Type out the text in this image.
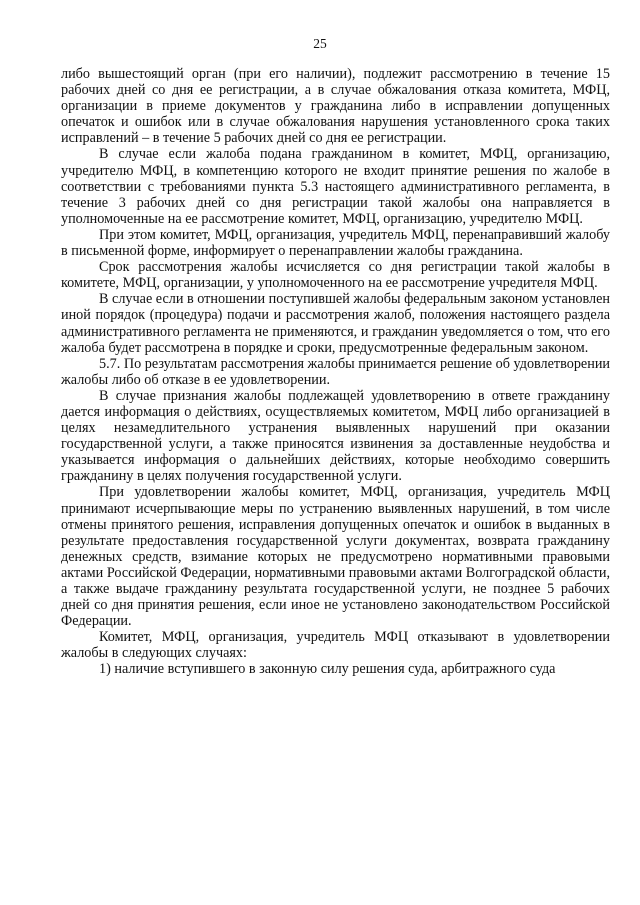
25

либо вышестоящий орган (при его наличии), подлежит рассмотрению в течение 15 рабочих дней со дня ее регистрации, а в случае обжалования отказа комитета, МФЦ, организации в приеме документов у гражданина либо в исправлении допущенных опечаток и ошибок или в случае обжалования нарушения установленного срока таких исправлений – в течение 5 рабочих дней со дня ее регистрации.

В случае если жалоба подана гражданином в комитет, МФЦ, организацию, учредителю МФЦ, в компетенцию которого не входит принятие решения по жалобе в соответствии с требованиями пункта 5.3 настоящего административного регламента, в течение 3 рабочих дней со дня регистрации такой жалобы она направляется в уполномоченные на ее рассмотрение комитет, МФЦ, организацию, учредителю МФЦ.

При этом комитет, МФЦ, организация, учредитель МФЦ, перенаправивший жалобу в письменной форме, информирует о перенаправлении жалобы гражданина.

Срок рассмотрения жалобы исчисляется со дня регистрации такой жалобы в комитете, МФЦ, организации, у уполномоченного на ее рассмотрение учредителя МФЦ.

В случае если в отношении поступившей жалобы федеральным законом установлен иной порядок (процедура) подачи и рассмотрения жалоб, положения настоящего раздела административного регламента не применяются, и гражданин уведомляется о том, что его жалоба будет рассмотрена в порядке и сроки, предусмотренные федеральным законом.

5.7. По результатам рассмотрения жалобы принимается решение об удовлетворении жалобы либо об отказе в ее удовлетворении.

В случае признания жалобы подлежащей удовлетворению в ответе гражданину дается информация о действиях, осуществляемых комитетом, МФЦ либо организацией в целях незамедлительного устранения выявленных нарушений при оказании государственной услуги, а также приносятся извинения за доставленные неудобства и указывается информация о дальнейших действиях, которые необходимо совершить гражданину в целях получения государственной услуги.

При удовлетворении жалобы комитет, МФЦ, организация, учредитель МФЦ принимают исчерпывающие меры по устранению выявленных нарушений, в том числе отмены принятого решения, исправления допущенных опечаток и ошибок в выданных в результате предоставления государственной услуги документах, возврата гражданину денежных средств, взимание которых не предусмотрено нормативными правовыми актами Российской Федерации, нормативными правовыми актами Волгоградской области, а также выдаче гражданину результата государственной услуги, не позднее 5 рабочих дней со дня принятия решения, если иное не установлено законодательством Российской Федерации.

Комитет, МФЦ, организация, учредитель МФЦ отказывают в удовлетворении жалобы в следующих случаях:

1) наличие вступившего в законную силу решения суда, арбитражного суда
